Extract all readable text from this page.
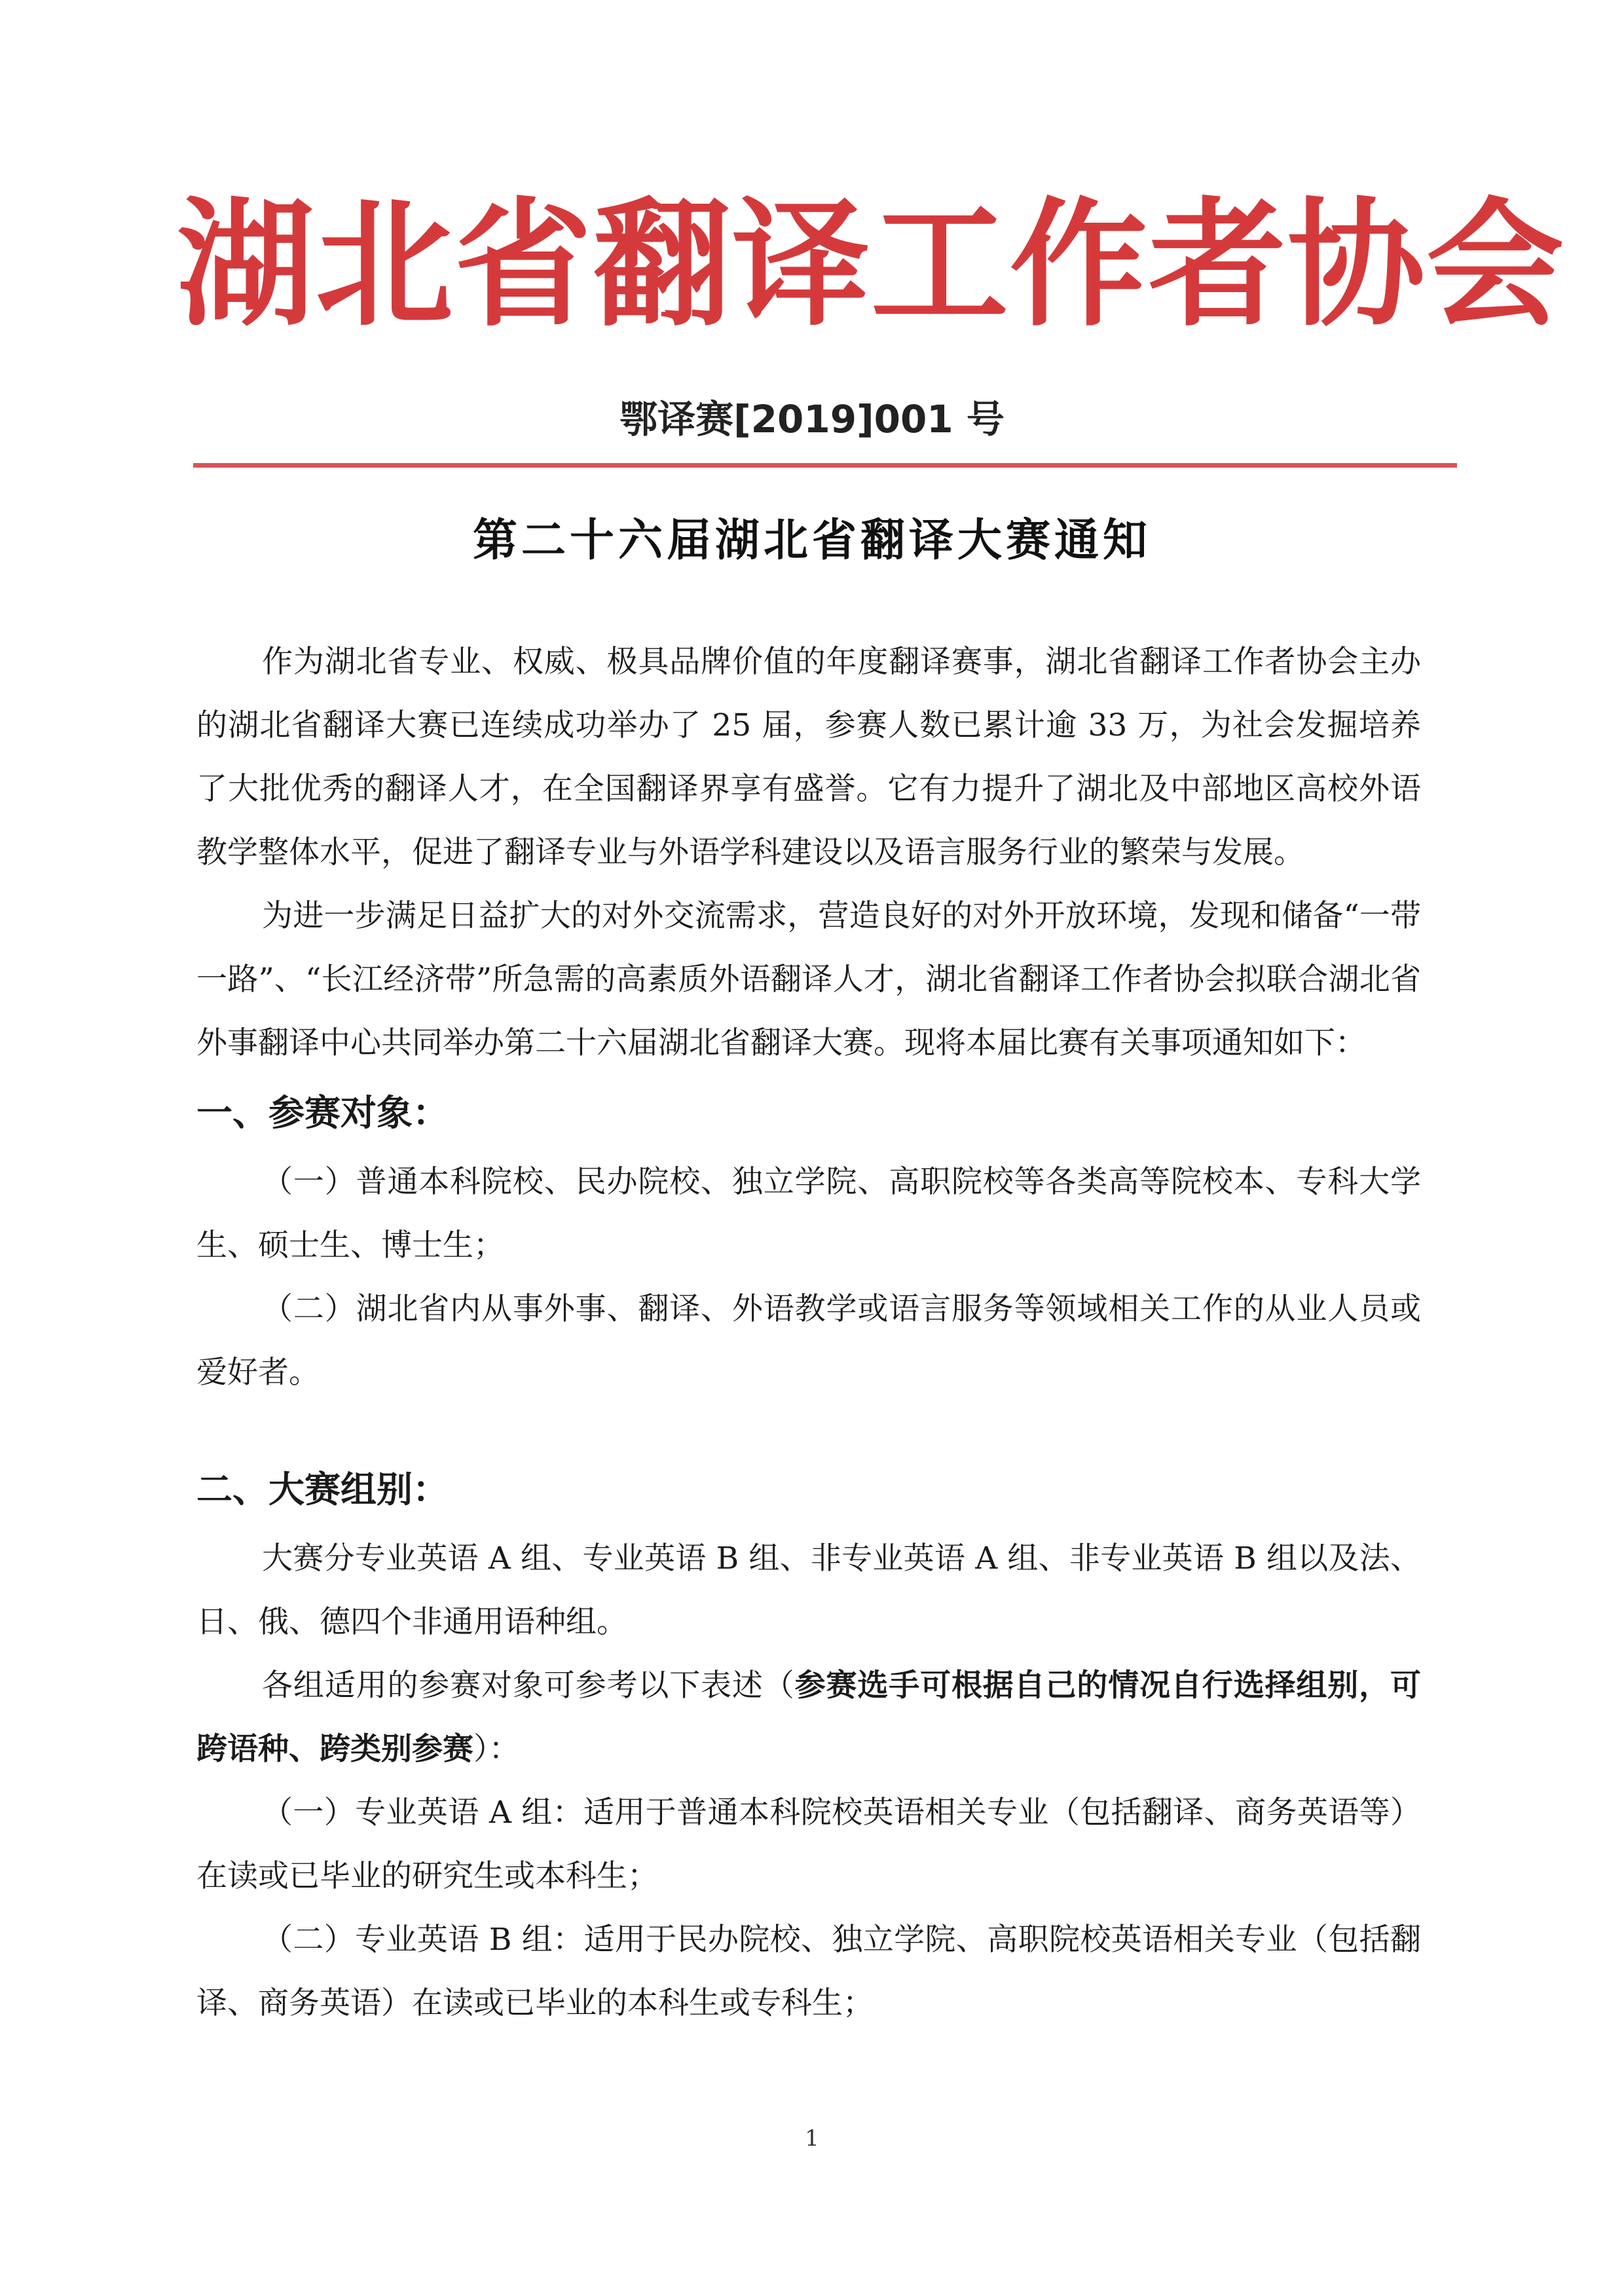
湖北省翻译工作者协会
鄂译赛[2019]001 号
第二十六届湖北省翻译大赛通知

作为湖北省专业、权威、极具品牌价值的年度翻译赛事，湖北省翻译工作者协会主办的湖北省翻译大赛已连续成功举办了 25 届，参赛人数已累计逾 33 万，为社会发掘培养了大批优秀的翻译人才，在全国翻译界享有盛誉。它有力提升了湖北及中部地区高校外语教学整体水平，促进了翻译专业与外语学科建设以及语言服务行业的繁荣与发展。

为进一步满足日益扩大的对外交流需求，营造良好的对外开放环境，发现和储备“一带一路”、“长江经济带”所急需的高素质外语翻译人才，湖北省翻译工作者协会拟联合湖北省外事翻译中心共同举办第二十六届湖北省翻译大赛。现将本届比赛有关事项通知如下：

一、参赛对象：

（一）普通本科院校、民办院校、独立学院、高职院校等各类高等院校本、专科大学生、硕士生、博士生；

（二）湖北省内从事外事、翻译、外语教学或语言服务等领域相关工作的从业人员或爱好者。

二、大赛组别：

大赛分专业英语 A 组、专业英语 B 组、非专业英语 A 组、非专业英语 B 组以及法、日、俄、德四个非通用语种组。

各组适用的参赛对象可参考以下表述（参赛选手可根据自己的情况自行选择组别，可跨语种、跨类别参赛）：

（一）专业英语 A 组：适用于普通本科院校英语相关专业（包括翻译、商务英语等）在读或已毕业的研究生或本科生；

（二）专业英语 B 组：适用于民办院校、独立学院、高职院校英语相关专业（包括翻译、商务英语）在读或已毕业的本科生或专科生；

1
